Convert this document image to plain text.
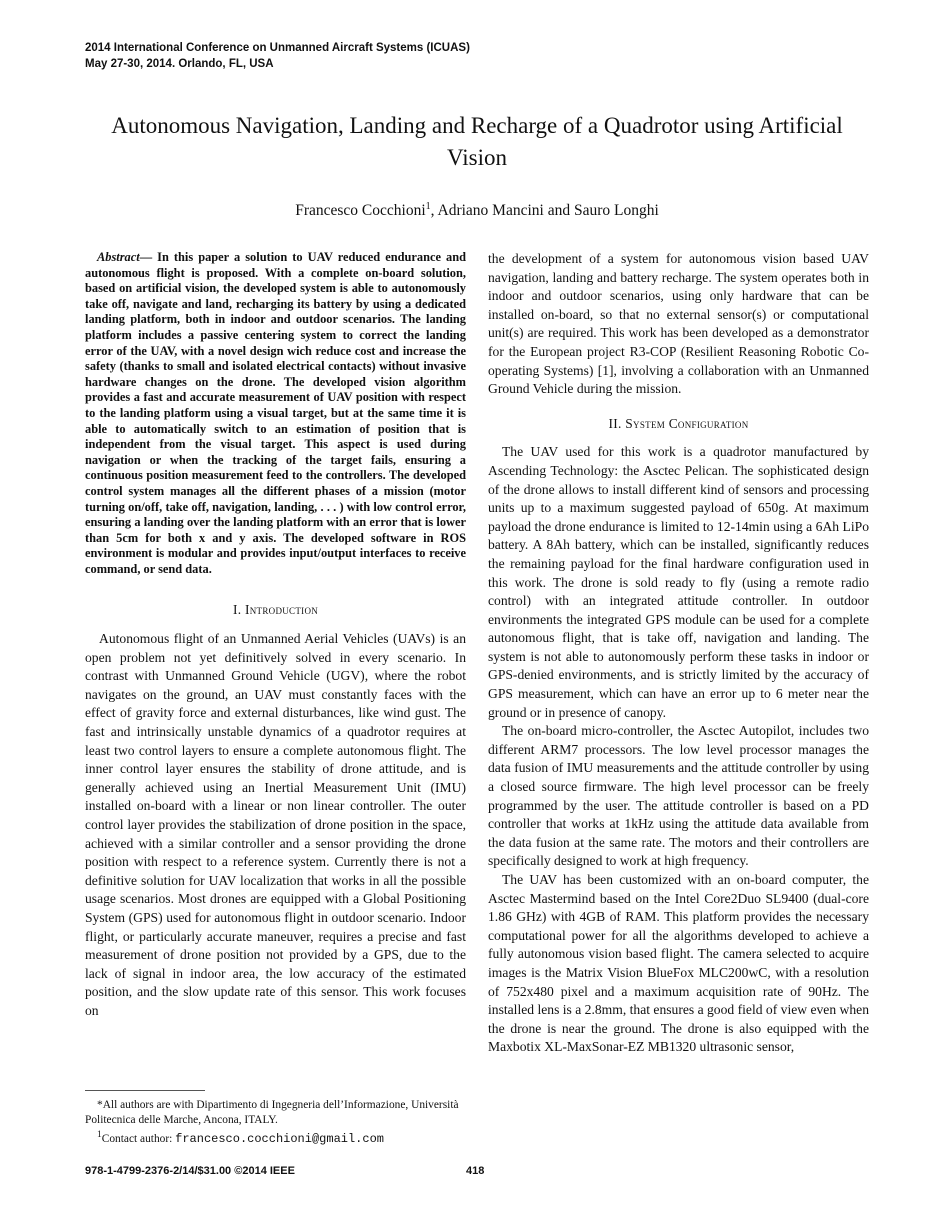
2014 International Conference on Unmanned Aircraft Systems (ICUAS)
May 27-30, 2014. Orlando, FL, USA
Autonomous Navigation, Landing and Recharge of a Quadrotor using Artificial Vision
Francesco Cocchioni$^1$, Adriano Mancini and Sauro Longhi

Abstract— In this paper a solution to UAV reduced endurance and autonomous flight is proposed. With a complete on-board solution, based on artificial vision, the developed system is able to autonomously take off, navigate and land, recharging its battery by using a dedicated landing platform, both in indoor and outdoor scenarios. The landing platform includes a passive centering system to correct the landing error of the UAV, with a novel design wich reduce cost and increase the safety (thanks to small and isolated electrical contacts) without invasive hardware changes on the drone. The developed vision algorithm provides a fast and accurate measurement of UAV position with respect to the landing platform using a visual target, but at the same time it is able to automatically switch to an estimation of position that is independent from the visual target. This aspect is used during navigation or when the tracking of the target fails, ensuring a continuous position measurement feed to the controllers. The developed control system manages all the different phases of a mission (motor turning on/off, take off, navigation, landing, . . . ) with low control error, ensuring a landing over the landing platform with an error that is lower than 5cm for both x and y axis. The developed software in ROS environment is modular and provides input/output interfaces to receive command, or send data.

I. Introduction

Autonomous flight of an Unmanned Aerial Vehicles (UAVs) is an open problem not yet definitively solved in every scenario. In contrast with Unmanned Ground Vehicle (UGV), where the robot navigates on the ground, an UAV must constantly faces with the effect of gravity force and external disturbances, like wind gust. The fast and intrinsically unstable dynamics of a quadrotor requires at least two control layers to ensure a complete autonomous flight. The inner control layer ensures the stability of drone attitude, and is generally achieved using an Inertial Measurement Unit (IMU) installed on-board with a linear or non linear controller. The outer control layer provides the stabilization of drone position in the space, achieved with a similar controller and a sensor providing the drone position with respect to a reference system. Currently there is not a definitive solution for UAV localization that works in all the possible usage scenarios. Most drones are equipped with a Global Positioning System (GPS) used for autonomous flight in outdoor scenario. Indoor flight, or particularly accurate maneuver, requires a precise and fast measurement of drone position not provided by a GPS, due to the lack of signal in indoor area, the low accuracy of the estimated position, and the slow update rate of this sensor. This work focuses on

the development of a system for autonomous vision based UAV navigation, landing and battery recharge. The system operates both in indoor and outdoor scenarios, using only hardware that can be installed on-board, so that no external sensor(s) or computational unit(s) are required. This work has been developed as a demonstrator for the European project R3-COP (Resilient Reasoning Robotic Co-operating Systems) [1], involving a collaboration with an Unmanned Ground Vehicle during the mission.

II. System Configuration

The UAV used for this work is a quadrotor manufactured by Ascending Technology: the Asctec Pelican. The sophisticated design of the drone allows to install different kind of sensors and processing units up to a maximum suggested payload of 650g. At maximum payload the drone endurance is limited to 12-14min using a 6Ah LiPo battery. A 8Ah battery, which can be installed, significantly reduces the remaining payload for the final hardware configuration used in this work. The drone is sold ready to fly (using a remote radio control) with an integrated attitude controller. In outdoor environments the integrated GPS module can be used for a complete autonomous flight, that is take off, navigation and landing. The system is not able to autonomously perform these tasks in indoor or GPS-denied environments, and is strictly limited by the accuracy of GPS measurement, which can have an error up to 6 meter near the ground or in presence of canopy.

The on-board micro-controller, the Asctec Autopilot, includes two different ARM7 processors. The low level processor manages the data fusion of IMU measurements and the attitude controller by using a closed source firmware. The high level processor can be freely programmed by the user. The attitude controller is based on a PD controller that works at 1kHz using the attitude data available from the data fusion at the same rate. The motors and their controllers are specifically designed to work at high frequency.

The UAV has been customized with an on-board computer, the Asctec Mastermind based on the Intel Core2Duo SL9400 (dual-core 1.86 GHz) with 4GB of RAM. This platform provides the necessary computational power for all the algorithms developed to achieve a fully autonomous vision based flight. The camera selected to acquire images is the Matrix Vision BlueFox MLC200wC, with a resolution of 752x480 pixel and a maximum acquisition rate of 90Hz. The installed lens is a 2.8mm, that ensures a good field of view even when the drone is near the ground. The drone is also equipped with the Maxbotix XL-MaxSonar-EZ MB1320 ultrasonic sensor,

*All authors are with Dipartimento di Ingegneria dell’Informazione, Università Politecnica delle Marche, Ancona, ITALY.

$^1$Contact author: francesco.cocchioni@gmail.com

978-1-4799-2376-2/14/$31.00 ©2014 IEEE	418
